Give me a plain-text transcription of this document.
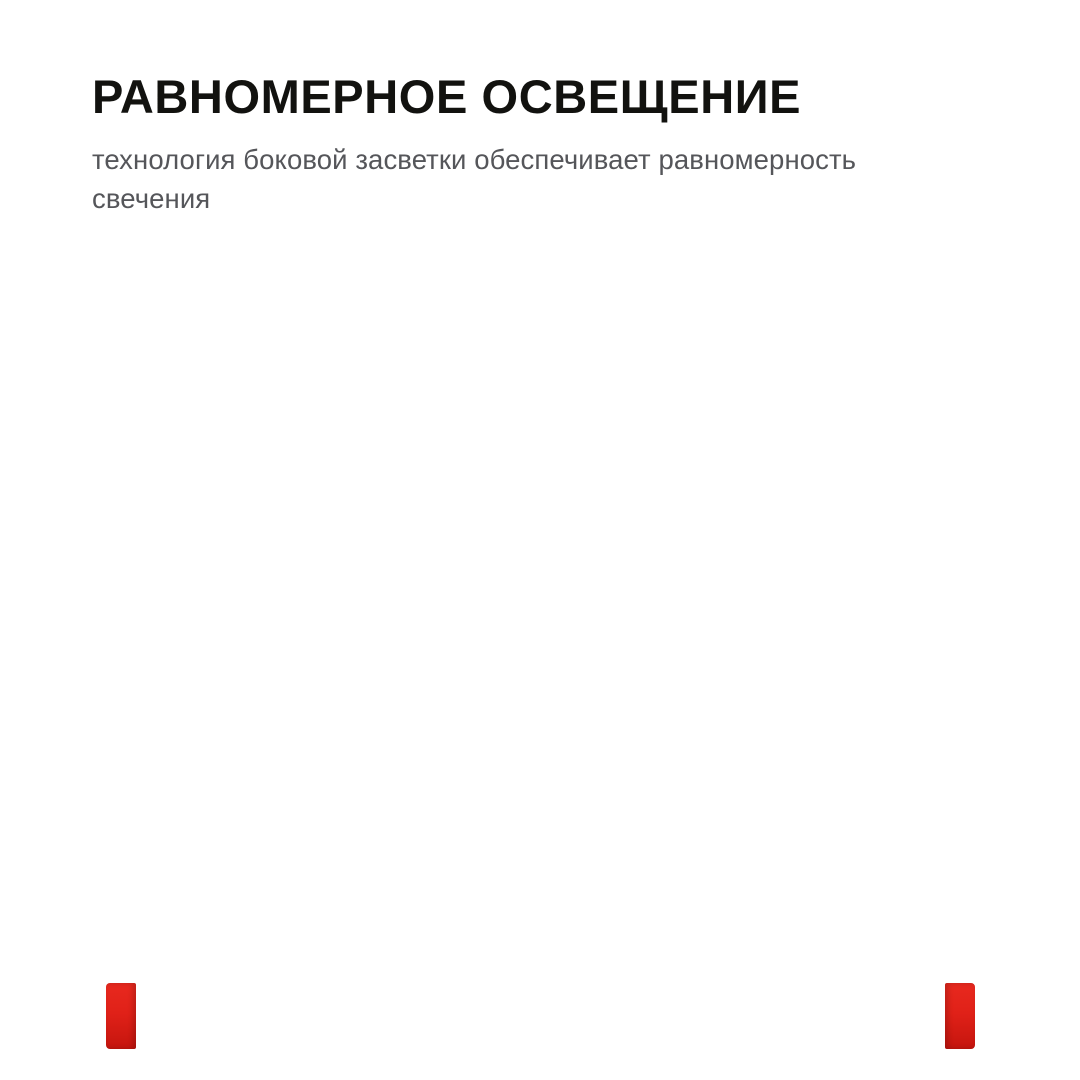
РАВНОМЕРНОЕ ОСВЕЩЕНИЕ

технология боковой засветки обеспечивает равномерность свечения
